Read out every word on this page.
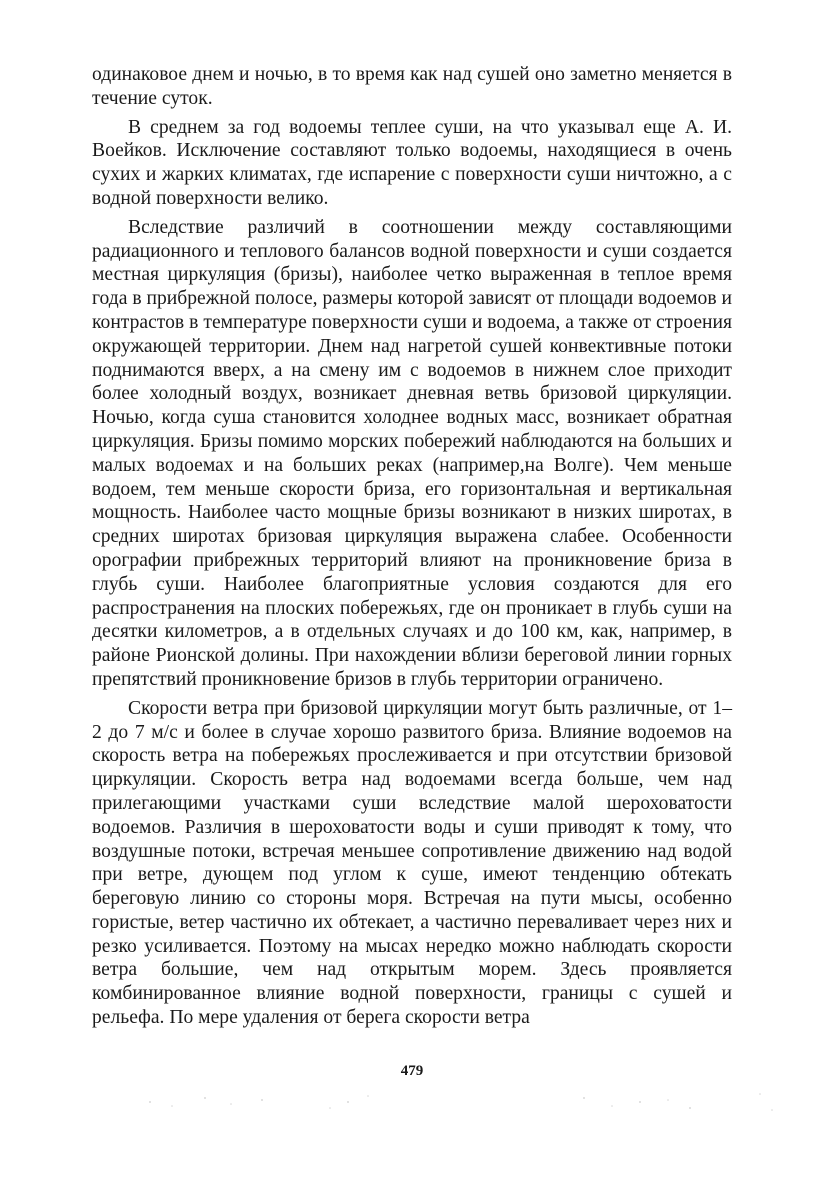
одинаковое днем и ночью, в то время как над сушей оно заметно меняется в течение суток.

В среднем за год водоемы теплее суши, на что указывал еще А. И. Воейков. Исключение составляют только водоемы, находящиеся в очень сухих и жарких климатах, где испарение с поверхности суши ничтожно, а с водной поверхности велико.

Вследствие различий в соотношении между составляющими радиационного и теплового балансов водной поверхности и суши создается местная циркуляция (бризы), наиболее четко выраженная в теплое время года в прибрежной полосе, размеры которой зависят от площади водоемов и контрастов в температуре поверхности суши и водоема, а также от строения окружающей территории. Днем над нагретой сушей конвективные потоки поднимаются вверх, а на смену им с водоемов в нижнем слое приходит более холодный воздух, возникает дневная ветвь бризовой циркуляции. Ночью, когда суша становится холоднее водных масс, возникает обратная циркуляция. Бризы помимо морских побережий наблюдаются на больших и малых водоемах и на больших реках (например,на Волге). Чем меньше водоем, тем меньше скорости бриза, его горизонтальная и вертикальная мощность. Наиболее часто мощные бризы возникают в низких широтах, в средних широтах бризовая циркуляция выражена слабее. Особенности орографии прибрежных территорий влияют на проникновение бриза в глубь суши. Наиболее благоприятные условия создаются для его распространения на плоских побережьях, где он проникает в глубь суши на десятки километров, а в отдельных случаях и до 100 км, как, например, в районе Рионской долины. При нахождении вблизи береговой линии горных препятствий проникновение бризов в глубь территории ограничено.

Скорости ветра при бризовой циркуляции могут быть различные, от 1–2 до 7 м/с и более в случае хорошо развитого бриза. Влияние водоемов на скорость ветра на побережьях прослеживается и при отсутствии бризовой циркуляции. Скорость ветра над водоемами всегда больше, чем над прилегающими участками суши вследствие малой шероховатости водоемов. Различия в шероховатости воды и суши приводят к тому, что воздушные потоки, встречая меньшее сопротивление движению над водой при ветре, дующем под углом к суше, имеют тенденцию обтекать береговую линию со стороны моря. Встречая на пути мысы, особенно гористые, ветер частично их обтекает, а частично переваливает через них и резко усиливается. Поэтому на мысах нередко можно наблюдать скорости ветра большие, чем над открытым морем. Здесь проявляется комбинированное влияние водной поверхности, границы с сушей и рельефа. По мере удаления от берега скорости ветра

479
